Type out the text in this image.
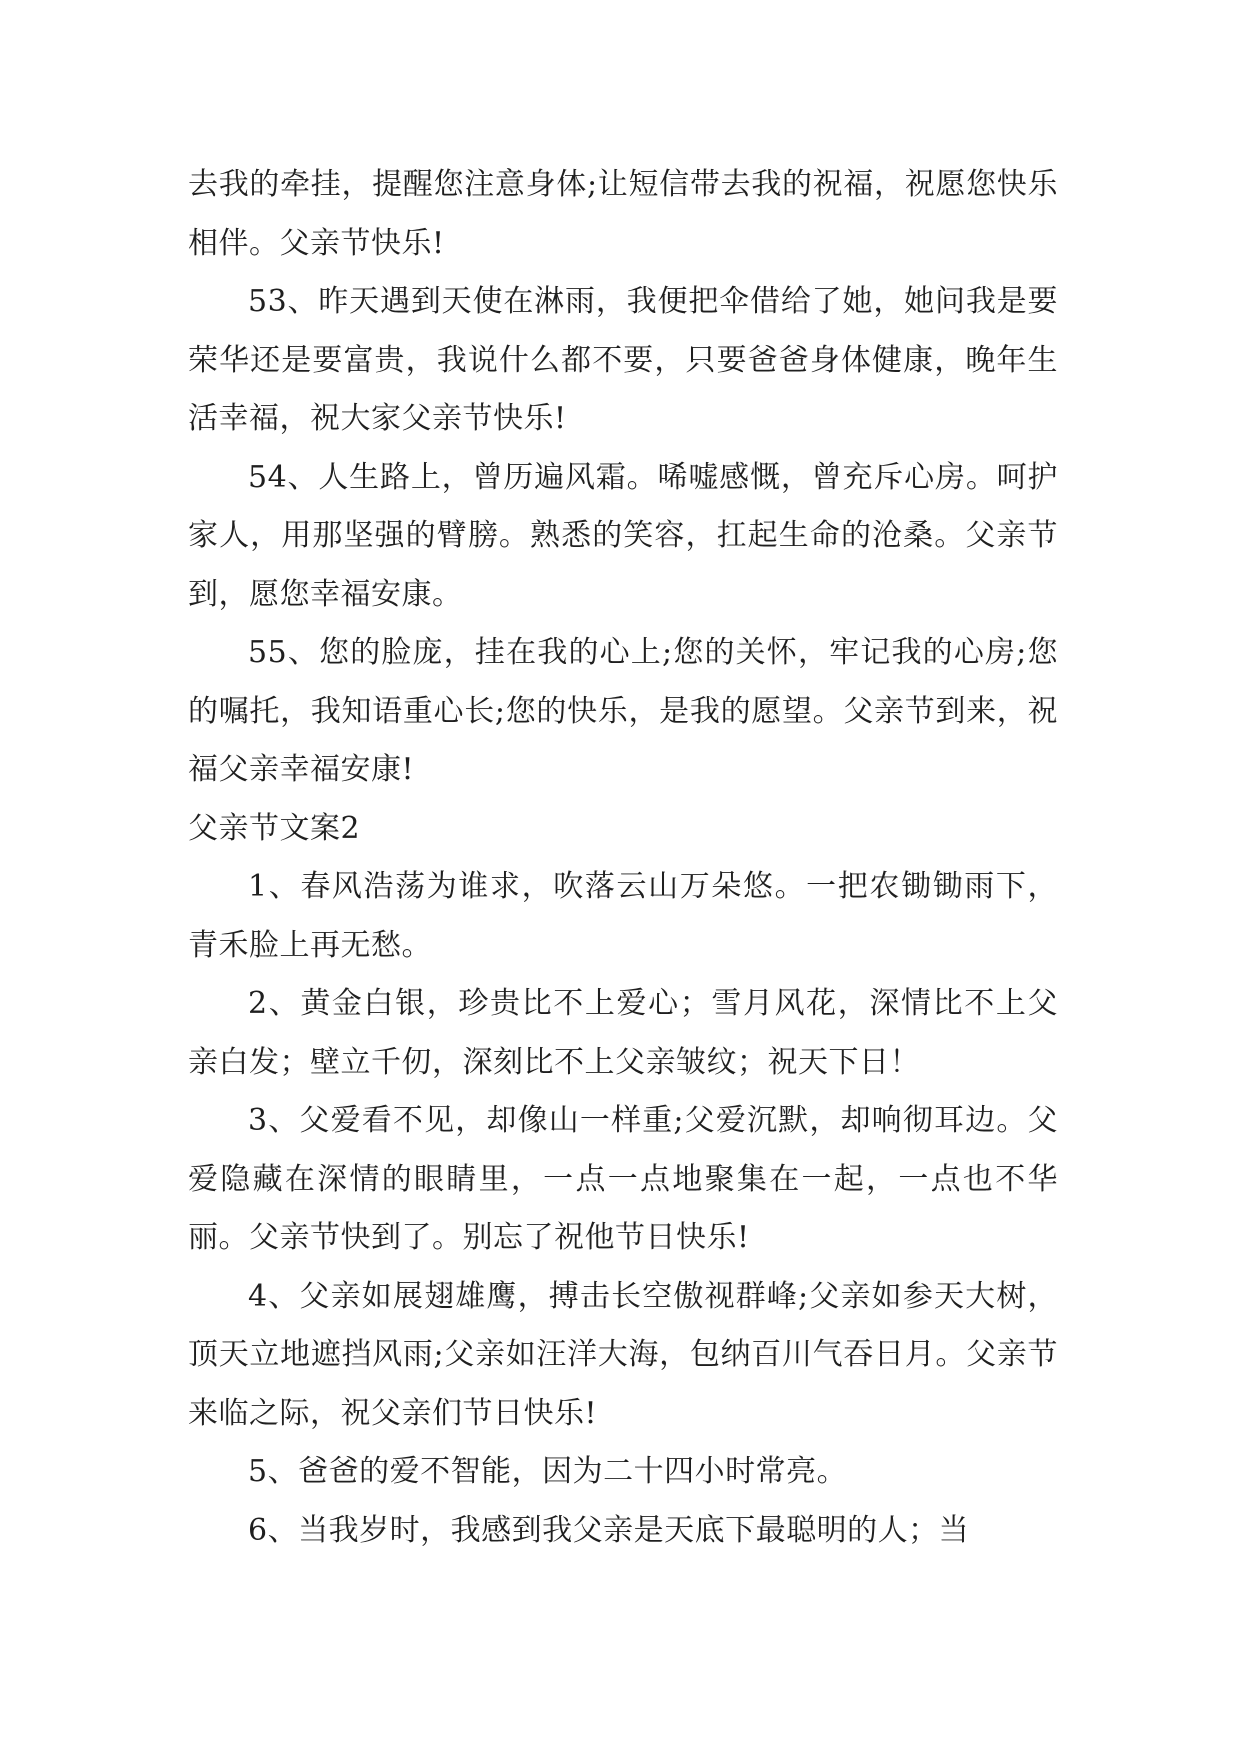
去我的牵挂，提醒您注意身体;让短信带去我的祝福，祝愿您快乐相伴。父亲节快乐!

53、昨天遇到天使在淋雨，我便把伞借给了她，她问我是要荣华还是要富贵，我说什么都不要，只要爸爸身体健康，晚年生活幸福，祝大家父亲节快乐!

54、人生路上，曾历遍风霜。唏嘘感慨，曾充斥心房。呵护家人，用那坚强的臂膀。熟悉的笑容，扛起生命的沧桑。父亲节到，愿您幸福安康。

55、您的脸庞，挂在我的心上;您的关怀，牢记我的心房;您的嘱托，我知语重心长;您的快乐，是我的愿望。父亲节到来，祝福父亲幸福安康!

父亲节文案2

1、春风浩荡为谁求，吹落云山万朵悠。一把农锄锄雨下，青禾脸上再无愁。

2、黄金白银，珍贵比不上爱心；雪月风花，深情比不上父亲白发；壁立千仞，深刻比不上父亲皱纹；祝天下日！

3、父爱看不见，却像山一样重;父爱沉默，却响彻耳边。父爱隐藏在深情的眼睛里，一点一点地聚集在一起，一点也不华丽。父亲节快到了。别忘了祝他节日快乐!

4、父亲如展翅雄鹰，搏击长空傲视群峰;父亲如参天大树，顶天立地遮挡风雨;父亲如汪洋大海，包纳百川气吞日月。父亲节来临之际，祝父亲们节日快乐!

5、爸爸的爱不智能，因为二十四小时常亮。

6、当我岁时，我感到我父亲是天底下最聪明的人；当
